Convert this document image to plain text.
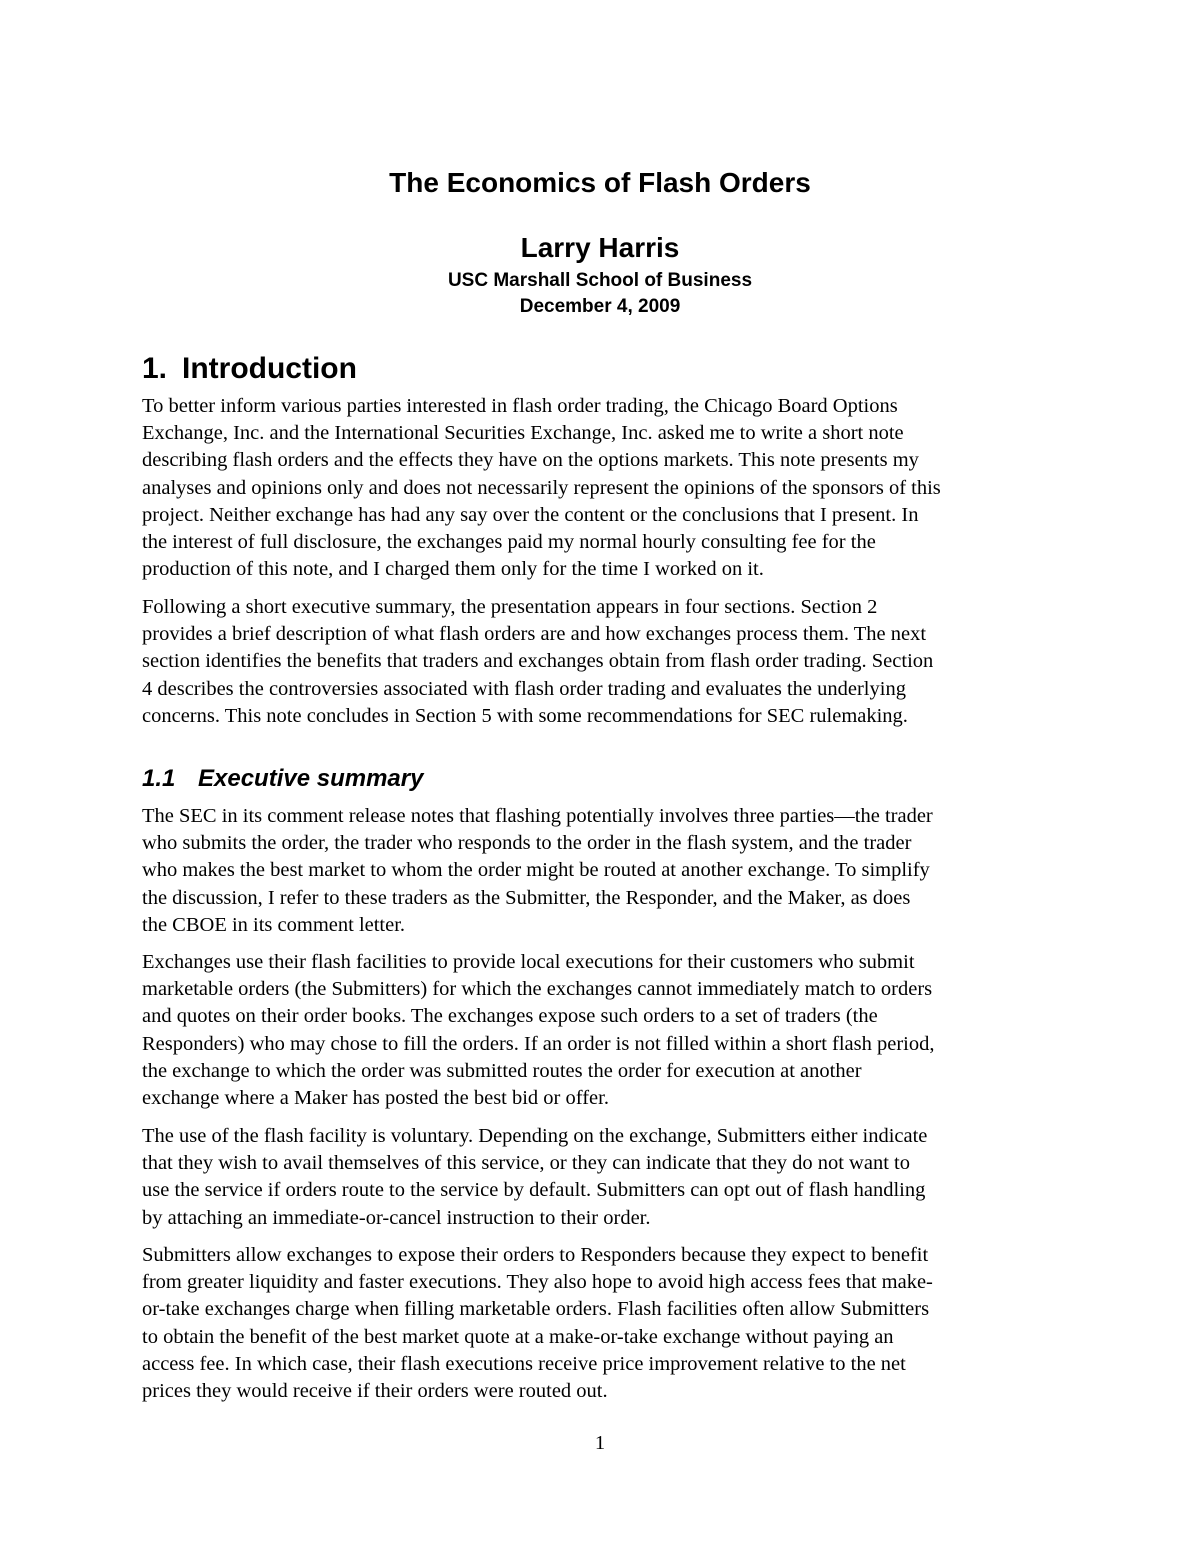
The Economics of Flash Orders
Larry Harris
USC Marshall School of Business
December 4, 2009
1. Introduction
To better inform various parties interested in flash order trading, the Chicago Board Options
Exchange, Inc. and the International Securities Exchange, Inc. asked me to write a short note
describing flash orders and the effects they have on the options markets. This note presents my
analyses and opinions only and does not necessarily represent the opinions of the sponsors of this
project. Neither exchange has had any say over the content or the conclusions that I present. In
the interest of full disclosure, the exchanges paid my normal hourly consulting fee for the
production of this note, and I charged them only for the time I worked on it.
Following a short executive summary, the presentation appears in four sections. Section 2
provides a brief description of what flash orders are and how exchanges process them. The next
section identifies the benefits that traders and exchanges obtain from flash order trading. Section
4 describes the controversies associated with flash order trading and evaluates the underlying
concerns. This note concludes in Section 5 with some recommendations for SEC rulemaking.
1.1 Executive summary
The SEC in its comment release notes that flashing potentially involves three parties—the trader
who submits the order, the trader who responds to the order in the flash system, and the trader
who makes the best market to whom the order might be routed at another exchange. To simplify
the discussion, I refer to these traders as the Submitter, the Responder, and the Maker, as does
the CBOE in its comment letter.
Exchanges use their flash facilities to provide local executions for their customers who submit
marketable orders (the Submitters) for which the exchanges cannot immediately match to orders
and quotes on their order books. The exchanges expose such orders to a set of traders (the
Responders) who may chose to fill the orders. If an order is not filled within a short flash period,
the exchange to which the order was submitted routes the order for execution at another
exchange where a Maker has posted the best bid or offer.
The use of the flash facility is voluntary. Depending on the exchange, Submitters either indicate
that they wish to avail themselves of this service, or they can indicate that they do not want to
use the service if orders route to the service by default. Submitters can opt out of flash handling
by attaching an immediate-or-cancel instruction to their order.
Submitters allow exchanges to expose their orders to Responders because they expect to benefit
from greater liquidity and faster executions. They also hope to avoid high access fees that make-
or-take exchanges charge when filling marketable orders. Flash facilities often allow Submitters
to obtain the benefit of the best market quote at a make-or-take exchange without paying an
access fee. In which case, their flash executions receive price improvement relative to the net
prices they would receive if their orders were routed out.
1
